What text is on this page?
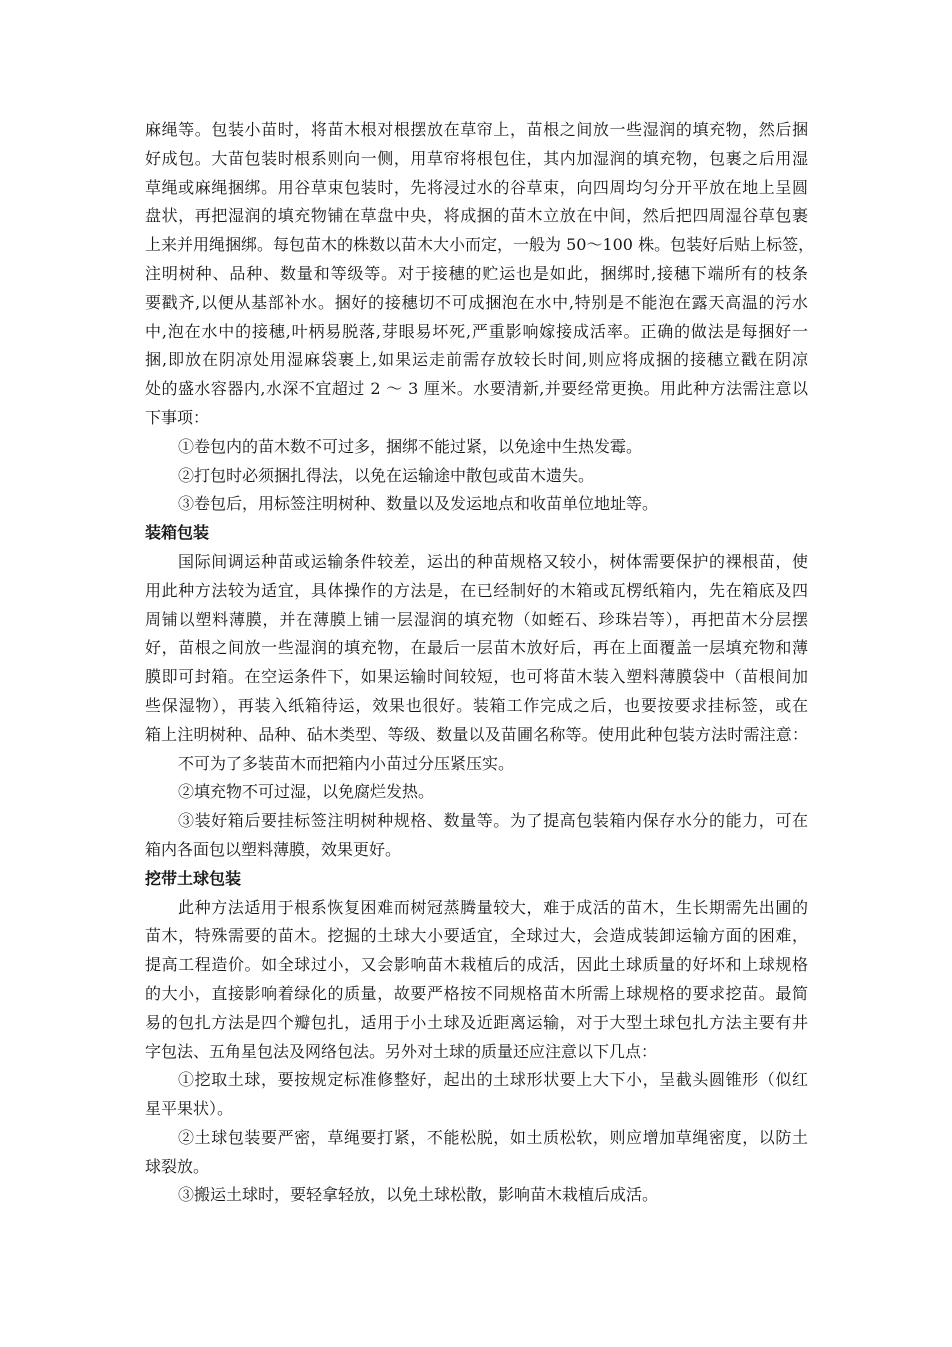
麻绳等。包装小苗时，将苗木根对根摆放在草帘上，苗根之间放一些湿润的填充物，然后捆
好成包。大苗包装时根系则向一侧，用草帘将根包住，其内加湿润的填充物，包裹之后用湿
草绳或麻绳捆绑。用谷草束包装时，先将浸过水的谷草束，向四周均匀分开平放在地上呈圆
盘状，再把湿润的填充物铺在草盘中央，将成捆的苗木立放在中间，然后把四周湿谷草包裹
上来并用绳捆绑。每包苗木的株数以苗木大小而定，一般为 50～100 株。包装好后贴上标签，
注明树种、品种、数量和等级等。对于接穗的贮运也是如此，捆绑时,接穗下端所有的枝条
要戳齐,以便从基部补水。捆好的接穗切不可成捆泡在水中,特别是不能泡在露天高温的污水
中,泡在水中的接穗,叶柄易脱落,芽眼易坏死,严重影响嫁接成活率。正确的做法是每捆好一
捆,即放在阴凉处用湿麻袋裹上,如果运走前需存放较长时间,则应将成捆的接穗立戳在阴凉
处的盛水容器内,水深不宜超过 2 ～ 3 厘米。水要清新,并要经常更换。用此种方法需注意以
下事项：
①卷包内的苗木数不可过多，捆绑不能过紧，以免途中生热发霉。
②打包时必须捆扎得法，以免在运输途中散包或苗木遗失。
③卷包后，用标签注明树种、数量以及发运地点和收苗单位地址等。
装箱包装
国际间调运种苗或运输条件较差，运出的种苗规格又较小，树体需要保护的裸根苗，使
用此种方法较为适宜，具体操作的方法是，在已经制好的木箱或瓦楞纸箱内，先在箱底及四
周铺以塑料薄膜，并在薄膜上铺一层湿润的填充物（如蛭石、珍珠岩等），再把苗木分层摆
好，苗根之间放一些湿润的填充物，在最后一层苗木放好后，再在上面覆盖一层填充物和薄
膜即可封箱。在空运条件下，如果运输时间较短，也可将苗木装入塑料薄膜袋中（苗根间加
些保湿物），再装入纸箱待运，效果也很好。装箱工作完成之后，也要按要求挂标签，或在
箱上注明树种、品种、砧木类型、等级、数量以及苗圃名称等。使用此种包装方法时需注意：
不可为了多装苗木而把箱内小苗过分压紧压实。
②填充物不可过湿，以免腐烂发热。
③装好箱后要挂标签注明树种规格、数量等。为了提高包装箱内保存水分的能力，可在
箱内各面包以塑料薄膜，效果更好。
挖带土球包装
此种方法适用于根系恢复困难而树冠蒸腾量较大，难于成活的苗木，生长期需先出圃的
苗木，特殊需要的苗木。挖掘的土球大小要适宜，全球过大，会造成装卸运输方面的困难，
提高工程造价。如全球过小，又会影响苗木栽植后的成活，因此土球质量的好坏和上球规格
的大小，直接影响着绿化的质量，故要严格按不同规格苗木所需上球规格的要求挖苗。最简
易的包扎方法是四个瓣包扎，适用于小土球及近距离运输，对于大型土球包扎方法主要有井
字包法、五角星包法及网络包法。另外对土球的质量还应注意以下几点：
①挖取土球，要按规定标准修整好，起出的土球形状要上大下小，呈截头圆锥形（似红
星平果状）。
②土球包装要严密，草绳要打紧，不能松脱，如土质松软，则应增加草绳密度，以防土
球裂放。
③搬运土球时，要轻拿轻放，以免土球松散，影响苗木栽植后成活。
